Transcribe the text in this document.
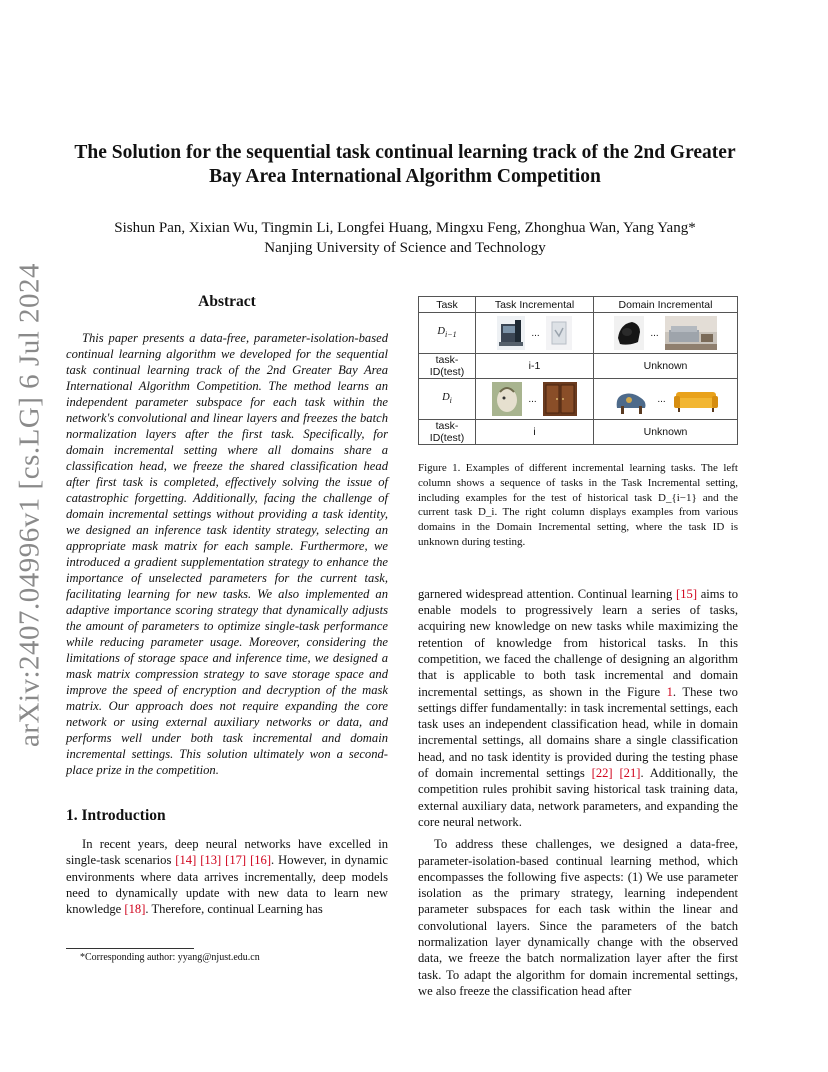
arXiv:2407.04996v1 [cs.LG] 6 Jul 2024
The Solution for the sequential task continual learning track of the 2nd Greater
Bay Area International Algorithm Competition
Sishun Pan, Xixian Wu, Tingmin Li, Longfei Huang, Mingxu Feng, Zhonghua Wan, Yang Yang*
Nanjing University of Science and Technology
Abstract

This paper presents a data-free, parameter-isolation-based continual learning algorithm we developed for the sequential task continual learning track of the 2nd Greater Bay Area International Algorithm Competition. The method learns an independent parameter subspace for each task within the network's convolutional and linear layers and freezes the batch normalization layers after the first task. Specifically, for domain incremental setting where all domains share a classification head, we freeze the shared classification head after first task is completed, effectively solving the issue of catastrophic forgetting. Additionally, facing the challenge of domain incremental settings without providing a task identity, we designed an inference task identity strategy, selecting an appropriate mask matrix for each sample. Furthermore, we introduced a gradient supplementation strategy to enhance the importance of unselected parameters for the current task, facilitating learning for new tasks. We also implemented an adaptive importance scoring strategy that dynamically adjusts the amount of parameters to optimize single-task performance while reducing parameter usage. Moreover, considering the limitations of storage space and inference time, we designed a mask matrix compression strategy to save storage space and improve the speed of encryption and decryption of the mask matrix. Our approach does not require expanding the core network or using external auxiliary networks or data, and performs well under both task incremental and domain incremental settings. This solution ultimately won a second-place prize in the competition.

1. Introduction

In recent years, deep neural networks have excelled in single-task scenarios [14] [13] [17] [16]. However, in dynamic environments where data arrives incrementally, deep models need to dynamically update with new data to learn new knowledge [18]. Therefore, continual Learning has

*Corresponding author: yyang@njust.edu.cn
Task	Task Incremental	Domain Incremental
$D_{i-1}$	...	...

task-ID(test)	i-1	Unknown
$D_i$	...	...

task-ID(test)	i	Unknown

Figure 1. Examples of different incremental learning tasks. The left column shows a sequence of tasks in the Task Incremental setting, including examples for the test of historical task D_{i−1} and the current task D_i. The right column displays examples from various domains in the Domain Incremental setting, where the task ID is unknown during testing.

garnered widespread attention. Continual learning [15] aims to enable models to progressively learn a series of tasks, acquiring new knowledge on new tasks while maximizing the retention of knowledge from historical tasks. In this competition, we faced the challenge of designing an algorithm that is applicable to both task incremental and domain incremental settings, as shown in the Figure 1. These two settings differ fundamentally: in task incremental settings, each task uses an independent classification head, while in domain incremental settings, all domains share a single classification head, and no task identity is provided during the testing phase of domain incremental settings [22] [21]. Additionally, the competition rules prohibit saving historical task training data, external auxiliary data, network parameters, and expanding the core neural network.

To address these challenges, we designed a data-free, parameter-isolation-based continual learning method, which encompasses the following five aspects: (1) We use parameter isolation as the primary strategy, learning independent parameter subspaces for each task within the linear and convolutional layers. Since the parameters of the batch normalization layer dynamically change with the observed data, we freeze the batch normalization layer after the first task. To adapt the algorithm for domain incremental settings, we also freeze the classification head after
